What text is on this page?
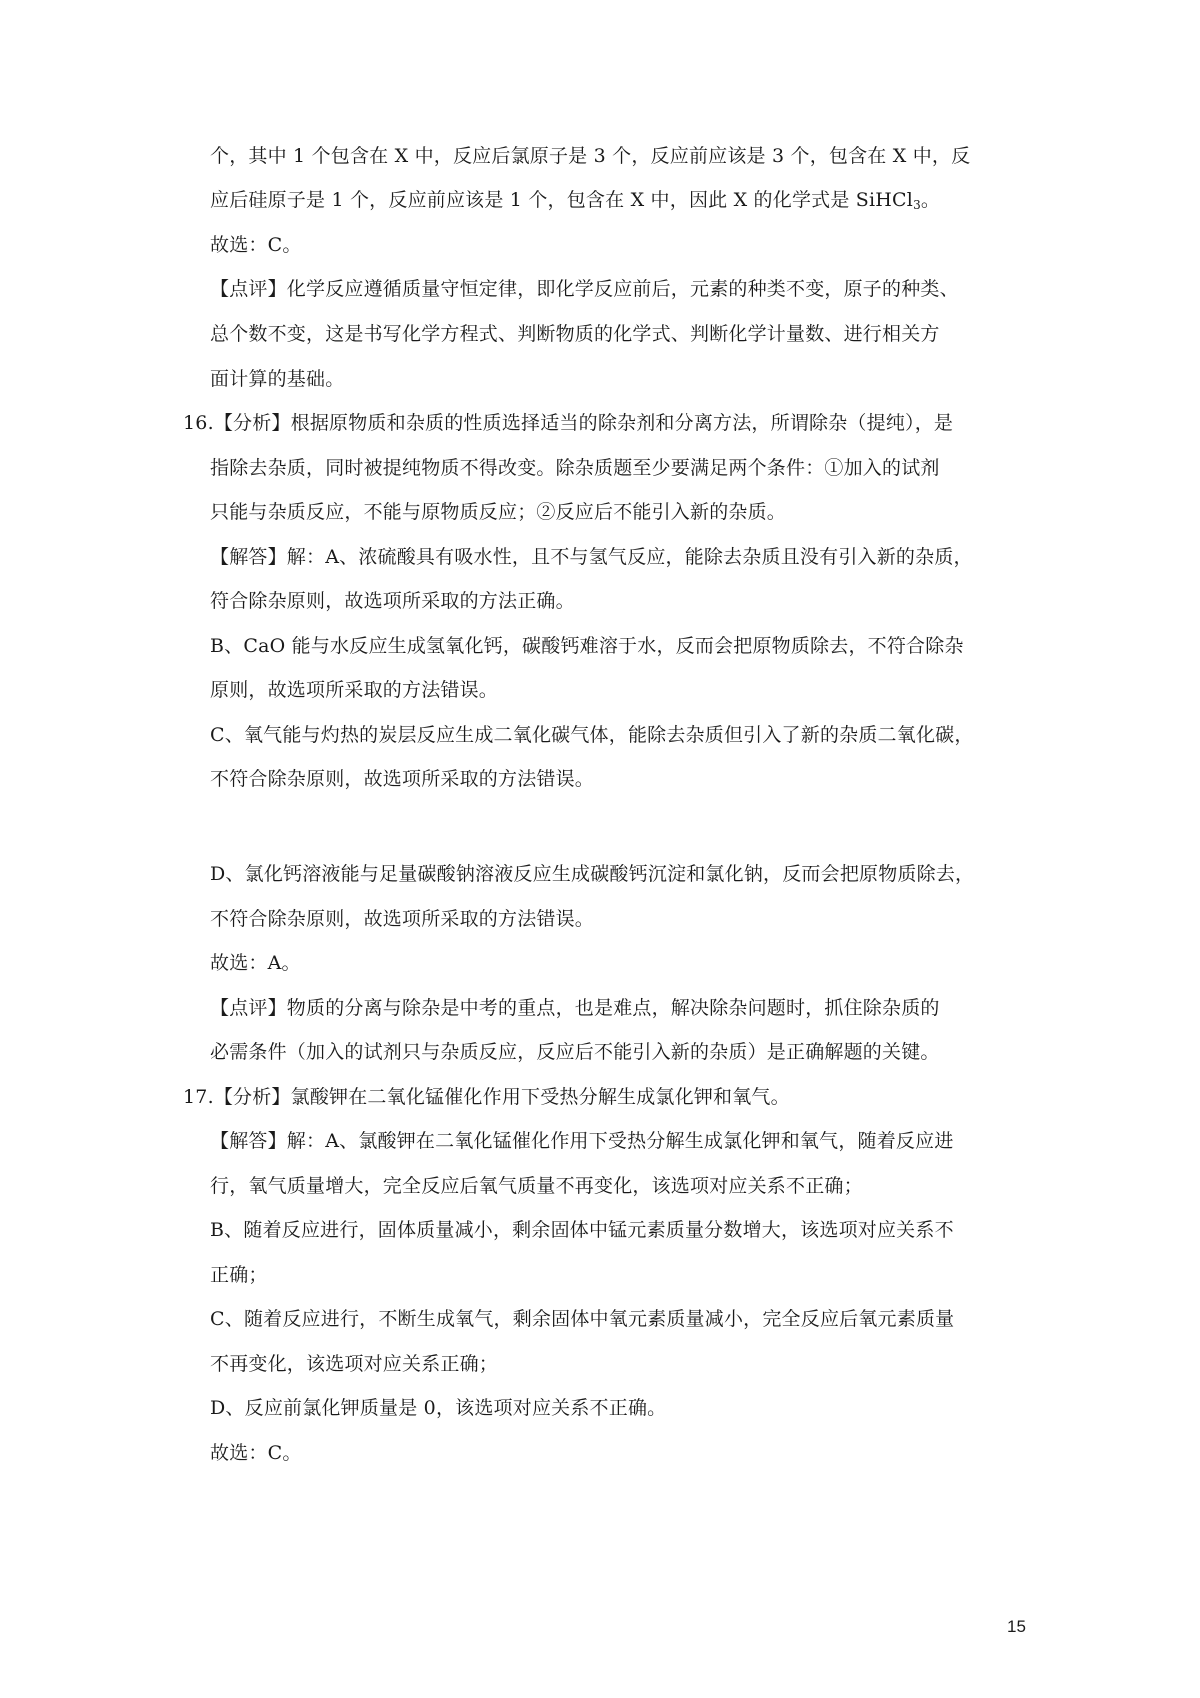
个，其中 1 个包含在 X 中，反应后氯原子是 3 个，反应前应该是 3 个，包含在 X 中，反
应后硅原子是 1 个，反应前应该是 1 个，包含在 X 中，因此 X 的化学式是 SiHCl$_3$。
故选：C。
【点评】化学反应遵循质量守恒定律，即化学反应前后，元素的种类不变，原子的种类、
总个数不变，这是书写化学方程式、判断物质的化学式、判断化学计量数、进行相关方
面计算的基础。
16.【分析】根据原物质和杂质的性质选择适当的除杂剂和分离方法，所谓除杂（提纯），是
指除去杂质，同时被提纯物质不得改变。除杂质题至少要满足两个条件：①加入的试剂
只能与杂质反应，不能与原物质反应；②反应后不能引入新的杂质。
【解答】解：A、浓硫酸具有吸水性，且不与氢气反应，能除去杂质且没有引入新的杂质，
符合除杂原则，故选项所采取的方法正确。
B、CaO 能与水反应生成氢氧化钙，碳酸钙难溶于水，反而会把原物质除去，不符合除杂
原则，故选项所采取的方法错误。
C、氧气能与灼热的炭层反应生成二氧化碳气体，能除去杂质但引入了新的杂质二氧化碳，
不符合除杂原则，故选项所采取的方法错误。
D、氯化钙溶液能与足量碳酸钠溶液反应生成碳酸钙沉淀和氯化钠，反而会把原物质除去，
不符合除杂原则，故选项所采取的方法错误。
故选：A。
【点评】物质的分离与除杂是中考的重点，也是难点，解决除杂问题时，抓住除杂质的
必需条件（加入的试剂只与杂质反应，反应后不能引入新的杂质）是正确解题的关键。
17.【分析】氯酸钾在二氧化锰催化作用下受热分解生成氯化钾和氧气。
【解答】解：A、氯酸钾在二氧化锰催化作用下受热分解生成氯化钾和氧气，随着反应进
行，氧气质量增大，完全反应后氧气质量不再变化，该选项对应关系不正确；
B、随着反应进行，固体质量减小，剩余固体中锰元素质量分数增大，该选项对应关系不
正确；
C、随着反应进行，不断生成氧气，剩余固体中氧元素质量减小，完全反应后氧元素质量
不再变化，该选项对应关系正确；
D、反应前氯化钾质量是 0，该选项对应关系不正确。
故选：C。
15
